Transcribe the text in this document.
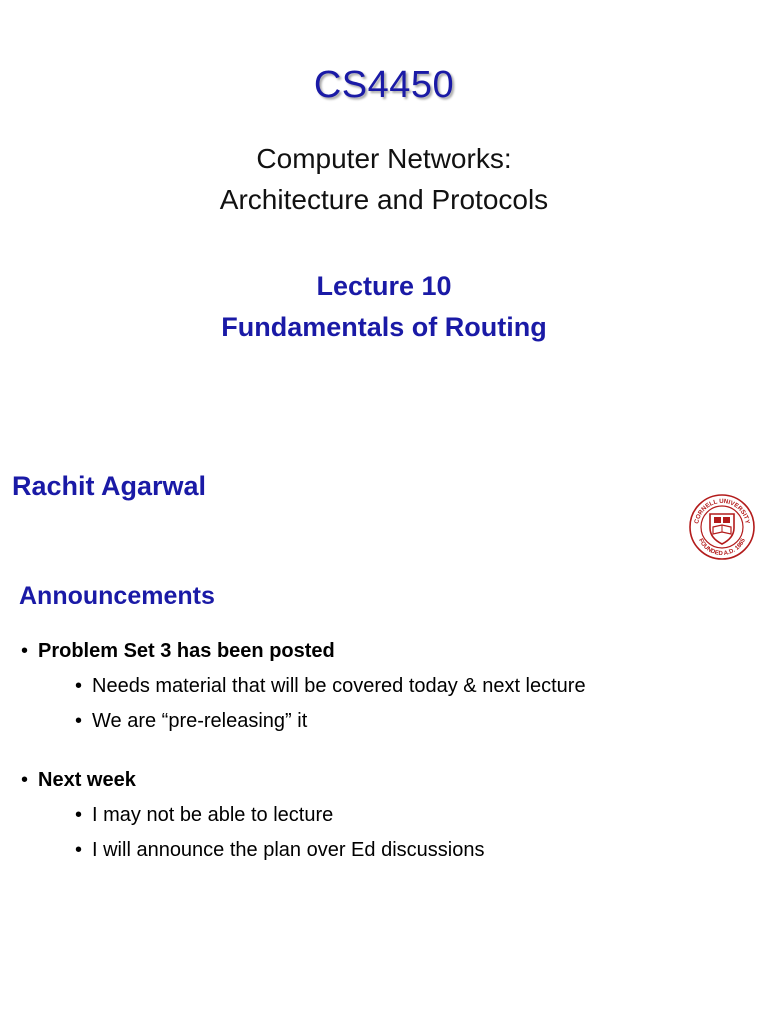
CS4450
Computer Networks:
Architecture and Protocols
Lecture 10
Fundamentals of Routing
Rachit Agarwal
CORNELL UNIVERSITY
FOUNDED A.D. 1865
Announcements
• Problem Set 3 has been posted
• Needs material that will be covered today & next lecture
• We are “pre-releasing” it
• Next week
• I may not be able to lecture
• I will announce the plan over Ed discussions
